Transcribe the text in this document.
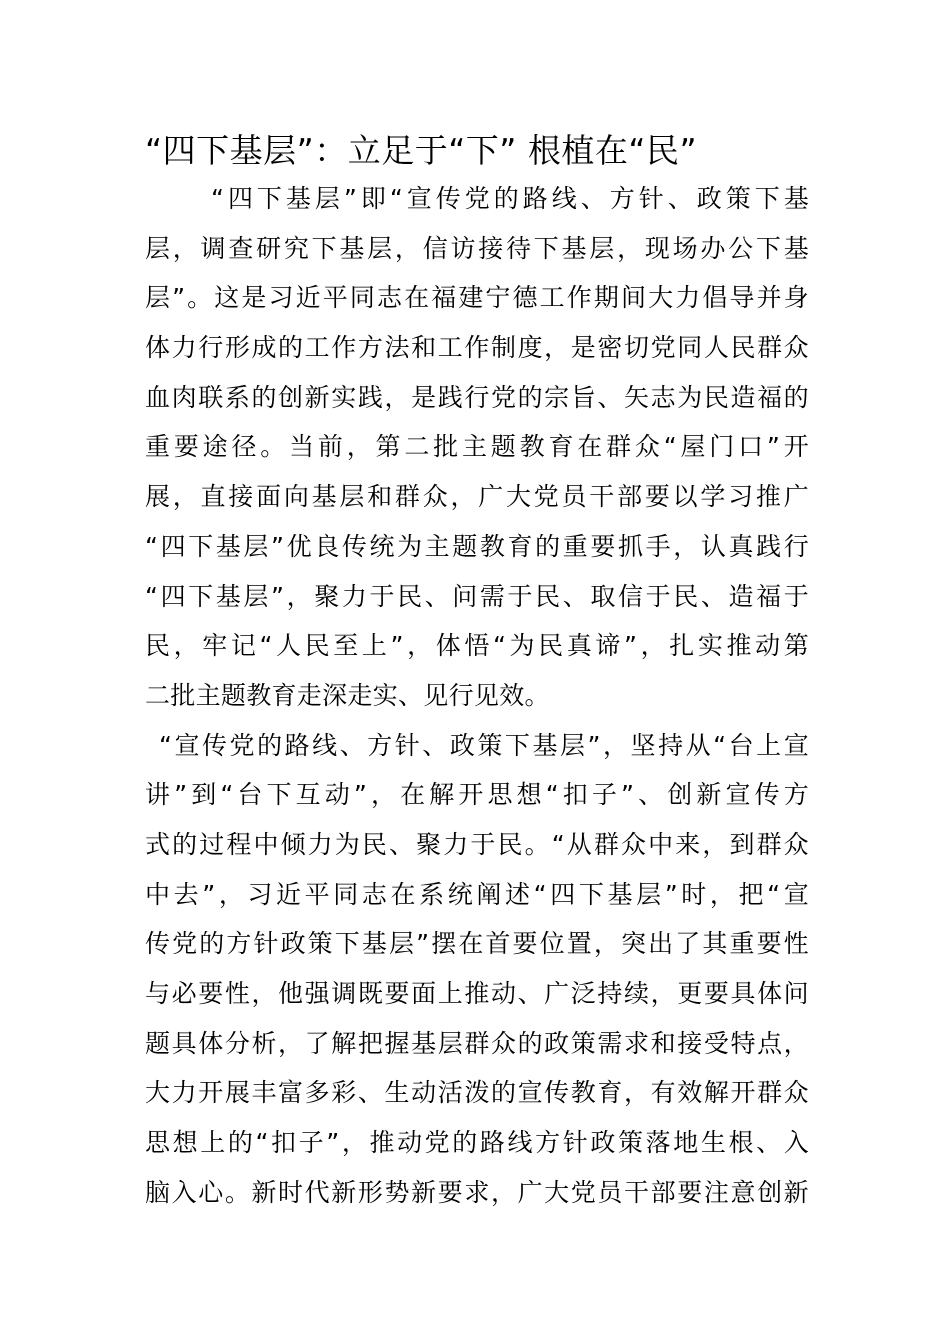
“四下基层”：立足于“下” 根植在“民”
“四下基层”即“宣传党的路线、方针、政策下基
层，调查研究下基层，信访接待下基层，现场办公下基
层”。这是习近平同志在福建宁德工作期间大力倡导并身
体力行形成的工作方法和工作制度，是密切党同人民群众
血肉联系的创新实践，是践行党的宗旨、矢志为民造福的
重要途径。当前，第二批主题教育在群众“屋门口”开
展，直接面向基层和群众，广大党员干部要以学习推广
“四下基层”优良传统为主题教育的重要抓手，认真践行
“四下基层”，聚力于民、问需于民、取信于民、造福于
民，牢记“人民至上”，体悟“为民真谛”，扎实推动第
二批主题教育走深走实、见行见效。
“宣传党的路线、方针、政策下基层”，坚持从“台上宣
讲”到“台下互动”，在解开思想“扣子”、创新宣传方
式的过程中倾力为民、聚力于民。“从群众中来，到群众
中去”，习近平同志在系统阐述“四下基层”时，把“宣
传党的方针政策下基层”摆在首要位置，突出了其重要性
与必要性，他强调既要面上推动、广泛持续，更要具体问
题具体分析，了解把握基层群众的政策需求和接受特点，
大力开展丰富多彩、生动活泼的宣传教育，有效解开群众
思想上的“扣子”，推动党的路线方针政策落地生根、入
脑入心。新时代新形势新要求，广大党员干部要注意创新
